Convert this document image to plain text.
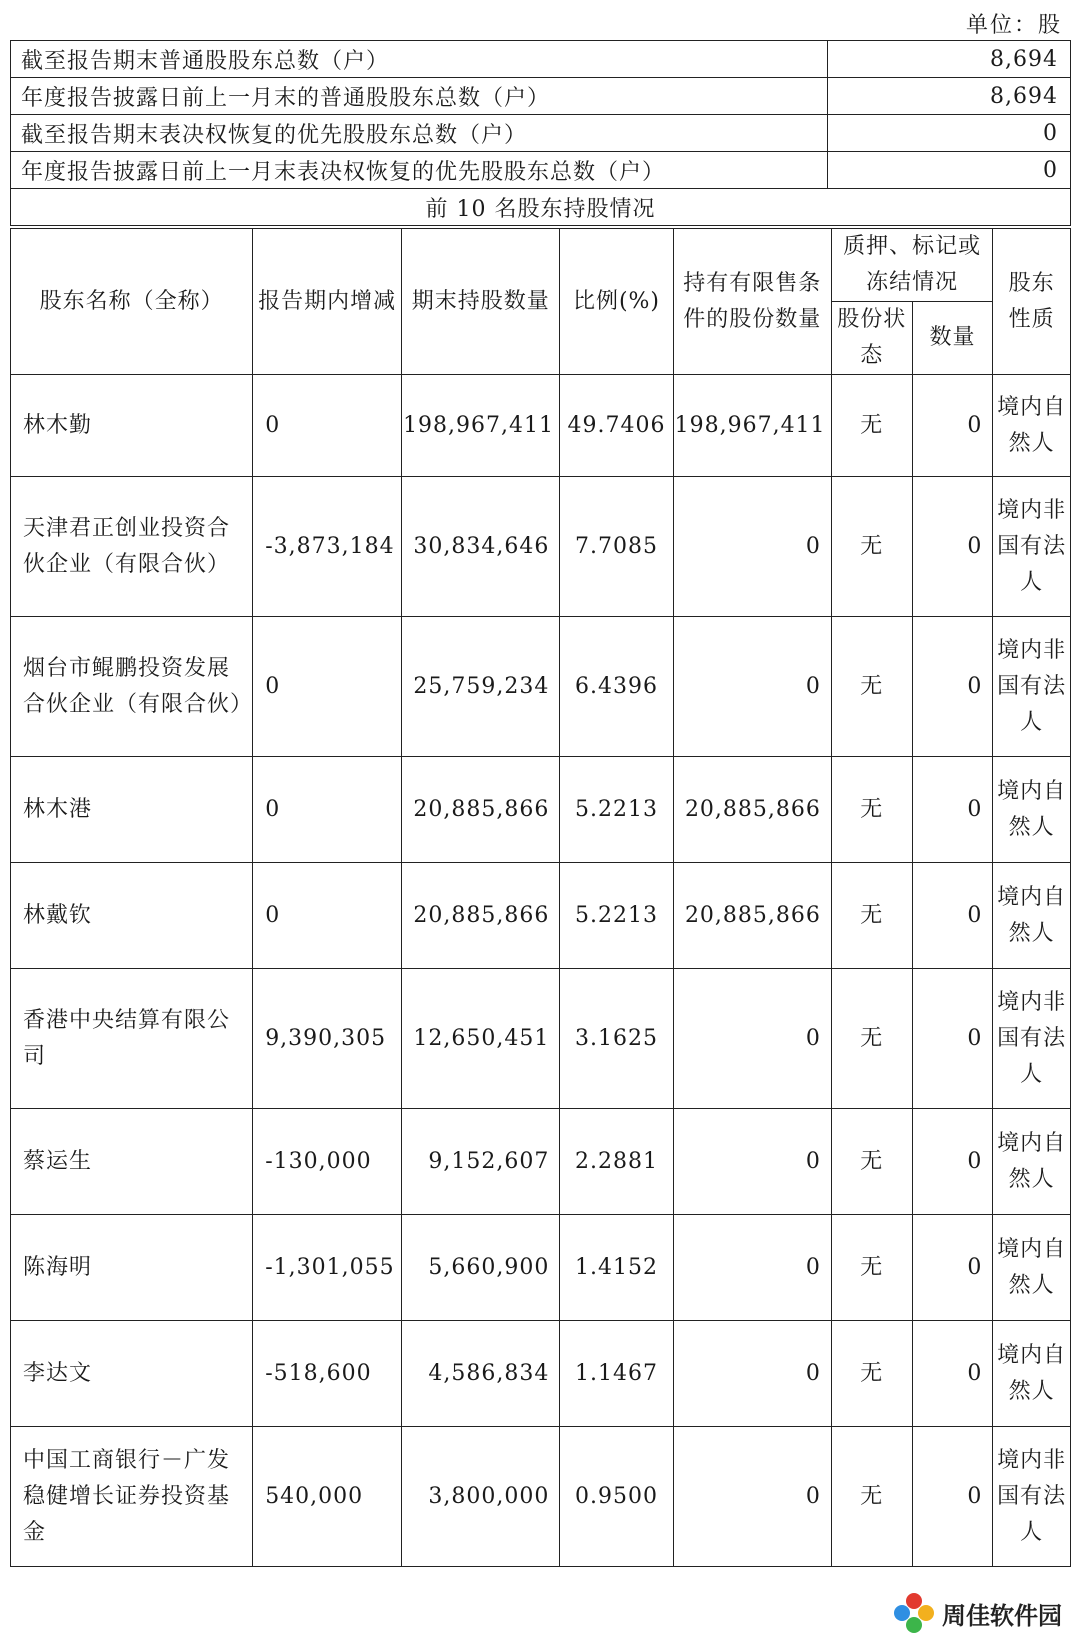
单位：股
截至报告期末普通股股东总数（户）	8,694
年度报告披露日前上一月末的普通股股东总数（户）	8,694
截至报告期末表决权恢复的优先股股东总数（户）	0
年度报告披露日前上一月末表决权恢复的优先股股东总数（户）	0
前 10 名股东持股情况	
股东名称（全称）	报告期内增减	期末持股数量	比例(%)	持有有限售条件的股份数量	质押、标记或冻结情况		股东性质
					股份状态	数量	
林木勤	0	198,967,411	49.7406	198,967,411	无	0	境内自然人
天津君正创业投资合伙企业（有限合伙）	-3,873,184	30,834,646	7.7085	0	无	0	境内非国有法人
烟台市鲲鹏投资发展合伙企业（有限合伙）	0	25,759,234	6.4396	0	无	0	境内非国有法人
林木港	0	20,885,866	5.2213	20,885,866	无	0	境内自然人
林戴钦	0	20,885,866	5.2213	20,885,866	无	0	境内自然人
香港中央结算有限公司	9,390,305	12,650,451	3.1625	0	无	0	境内非国有法人
蔡运生	-130,000	9,152,607	2.2881	0	无	0	境内自然人
陈海明	-1,301,055	5,660,900	1.4152	0	无	0	境内自然人
李达文	-518,600	4,586,834	1.1467	0	无	0	境内自然人
中国工商银行－广发稳健增长证券投资基金	540,000	3,800,000	0.9500	0	无	0	境内非国有法人
周佳软件园
